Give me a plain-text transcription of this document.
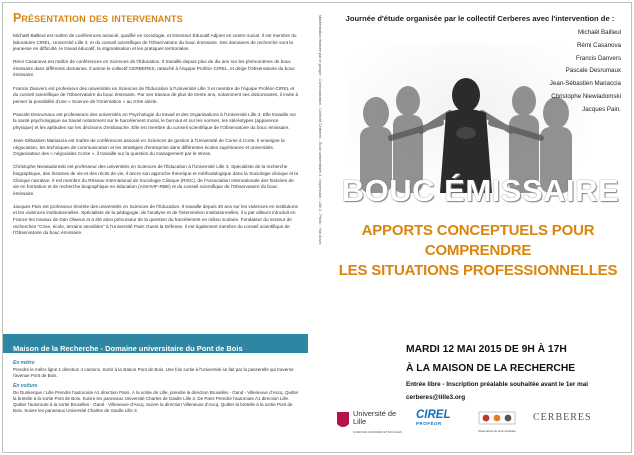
Présentation des intervenants

Michaël Bailleul est maître de conférences associé, qualifié en sociologie, et Directeur Éducatif Adjoint en centre social. Il est membre du laboratoire CIREL, Université Lille 3, et du conseil scientifique de l'Observatoire du bouc émissaire. Ses domaines de recherche sont la jeunesse en difficulté, le travail éducatif, la stigmatisation et les pratiques territoriales.

Rémi Casanova est maître de conférences en Sciences de l'Éducation. Il travaille depuis plus de dix ans sur les phénomènes de bouc émissaire dans différents domaines. Il anime le collectif CERBERES, rattaché à l'équipe Proféor-CIREL, et dirige l'Observatoire du bouc émissaire.

Francis Danvers est professeur des universités en Sciences de l'Éducation à l'Université Lille 3 et membre de l'équipe Proféor-CIREL et du conseil scientifique de l'Observatoire du bouc émissaire. Par ses travaux de plus de trente ans, notamment ses dictionnaires, il invite à penser la possibilité d'une « Science de l'Orientation » au XXIe siècle.

Pascale Desrumaux est professeure des universités en Psychologie du travail et des Organisations à l'Université Lille 3. Elle travaille sur la santé psychologique au travail notamment sur le harcèlement moral, le burnout et sur les normes, les stéréotypes (apparence physique) et les aptitudes sur les décisions d'embauche. Elle est membre du conseil scientifique de l'Observatoire du bouc émissaire.

Jean-Sébastien Mariaccia est maître de conférences associé en Sciences de gestion à l'Université de Corse à Corte. Il enseigne la négociation, les techniques de communication et les stratégies d'entreprise dans différentes écoles supérieures et universités. Organisateur des « négociales Corse », il travaille sur la question du management par le stress.

Christophe Niewiadomski est professeur des universités en Sciences de l'Éducation à l'Université Lille 3. Spécialiste de la recherche biographique, des histoires de vie et des récits de vie, il ancre son approche théorique et méthodologique dans la Sociologie clinique et la Clinique narrative. Il est membre du Réseau International de Sociologie Clinique (RISC), de l'Association Internationale des histoires de vie en formation et de recherche biographique en éducation (ASIHVIF-RBE) et du conseil scientifique de l'Observatoire du bouc émissaire.

Jacques Pain est professeur émérite des universités en Sciences de l'Éducation. Il travaille depuis 40 ans sur les violences en institutions et les violences institutionnelles. Spécialiste de la pédagogie, de l'analyse et de l'intervention institutionnelles, il a par ailleurs introduit en France les travaux de Dan Olweus et a été ainsi précurseur de la question du harcèlement en milieu scolaire. Fondateur du secteur de recherches "Crise, école, terrains sensibles" à l'Université Paris Ouest la Défense, il est également membre du conseil scientifique de l'Observatoire du bouc émissaire.

Maison de la Recherche - Domaine universitaire du Pont de Bois
En métro
Prendre le métro ligne 1 direction 4 cantons. Sortir à la station Pont de Bois. Une fois sortie à l'Université se fait par la passerelle qui traverse l'avenue Pont de Bois.
En voiture
De Dunkerque / Lille Prendre l'autoroute A1 direction Paris. À la sortie de Lille, prendre la direction Bruxelles - Gand - Villeneuve d'Ascq. Quitter la bretelle à la sortie Pont de Bois. Suivre les panneaux Université Charles de Gaulle Lille 3. De Paris Prendre l'autoroute A1 direction Lille. Quitter l'autoroute à la sortie Bruxelles - Gand - Villeneuve d'Ascq. Suivre la direction Villeneuve d'Ascq. Quitter la bretelle à la sortie Pont de Bois. Suivre les panneaux Université Charles de Gaulle Lille 3.
Manifestation réalisée par le groupe : Communication - Collectif Cerberes - École universitaire 3 - Impression : Lille 3 - Photo : Yuri Acurs	Journée d'étude organisée par le collectif Cerberes avec l'intervention de :
Michaël Bailleul
Rémi Casanova
Francis Danvers
Pascale Desrumaux
Jean-Sébastien Mariaccia
Christophe Niewiadomski
Jacques Pain.
BOUC ÉMISSAIRE
APPORTS CONCEPTUELS POUR COMPRENDRE
LES SITUATIONS PROFESSIONNELLES
MARDI 12 MAI 2015 DE 9H À 17H
À LA MAISON DE LA RECHERCHE
Entrée libre - Inscription préalable souhaitée avant le 1er mai
cerberes@lille3.org
Université de Lille
SCIENCES HUMAINES ET SOCIALES
CIREL
PROFÉOR
Observatoire du bouc émissaire
CERBERES
